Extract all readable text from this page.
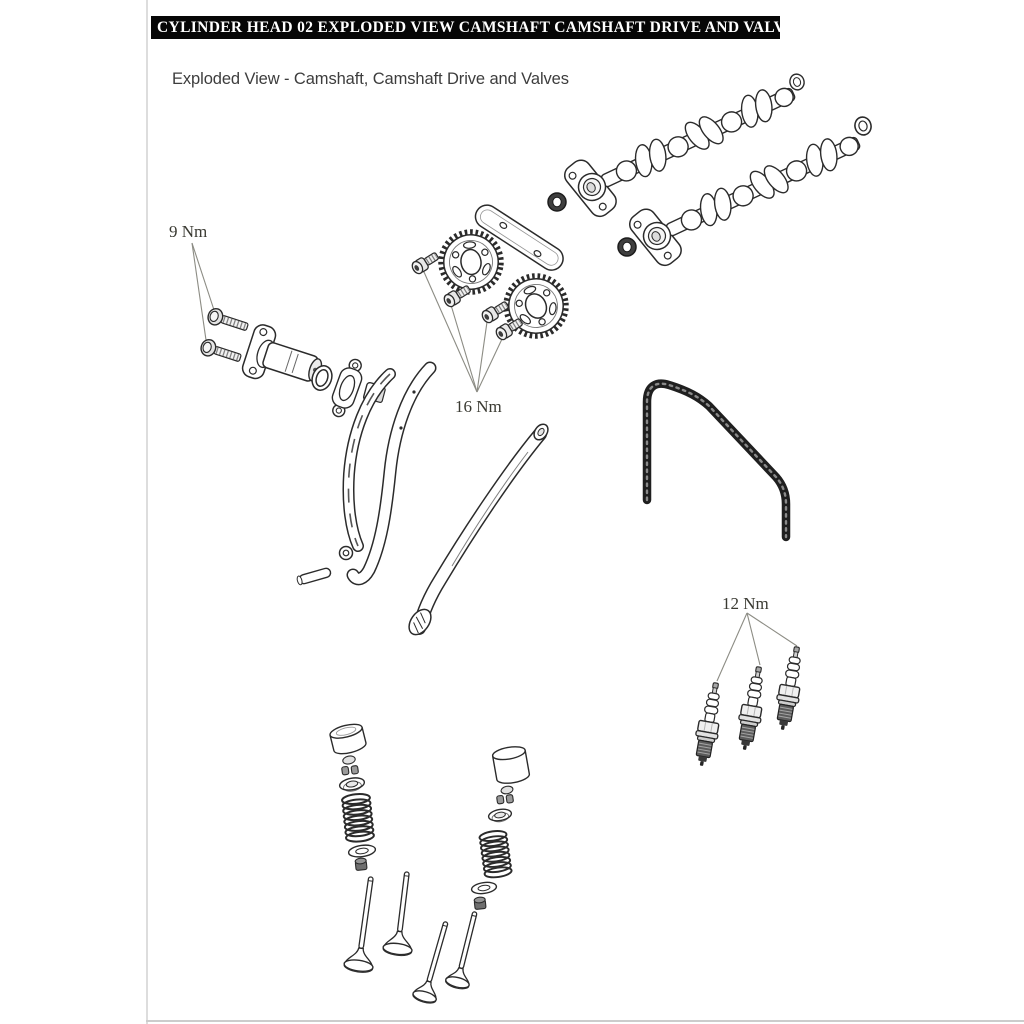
CYLINDER HEAD 02 EXPLODED VIEW CAMSHAFT CAMSHAFT DRIVE AND VALVES
Exploded View - Camshaft, Camshaft Drive and Valves
9 Nm
16 Nm
12 Nm
